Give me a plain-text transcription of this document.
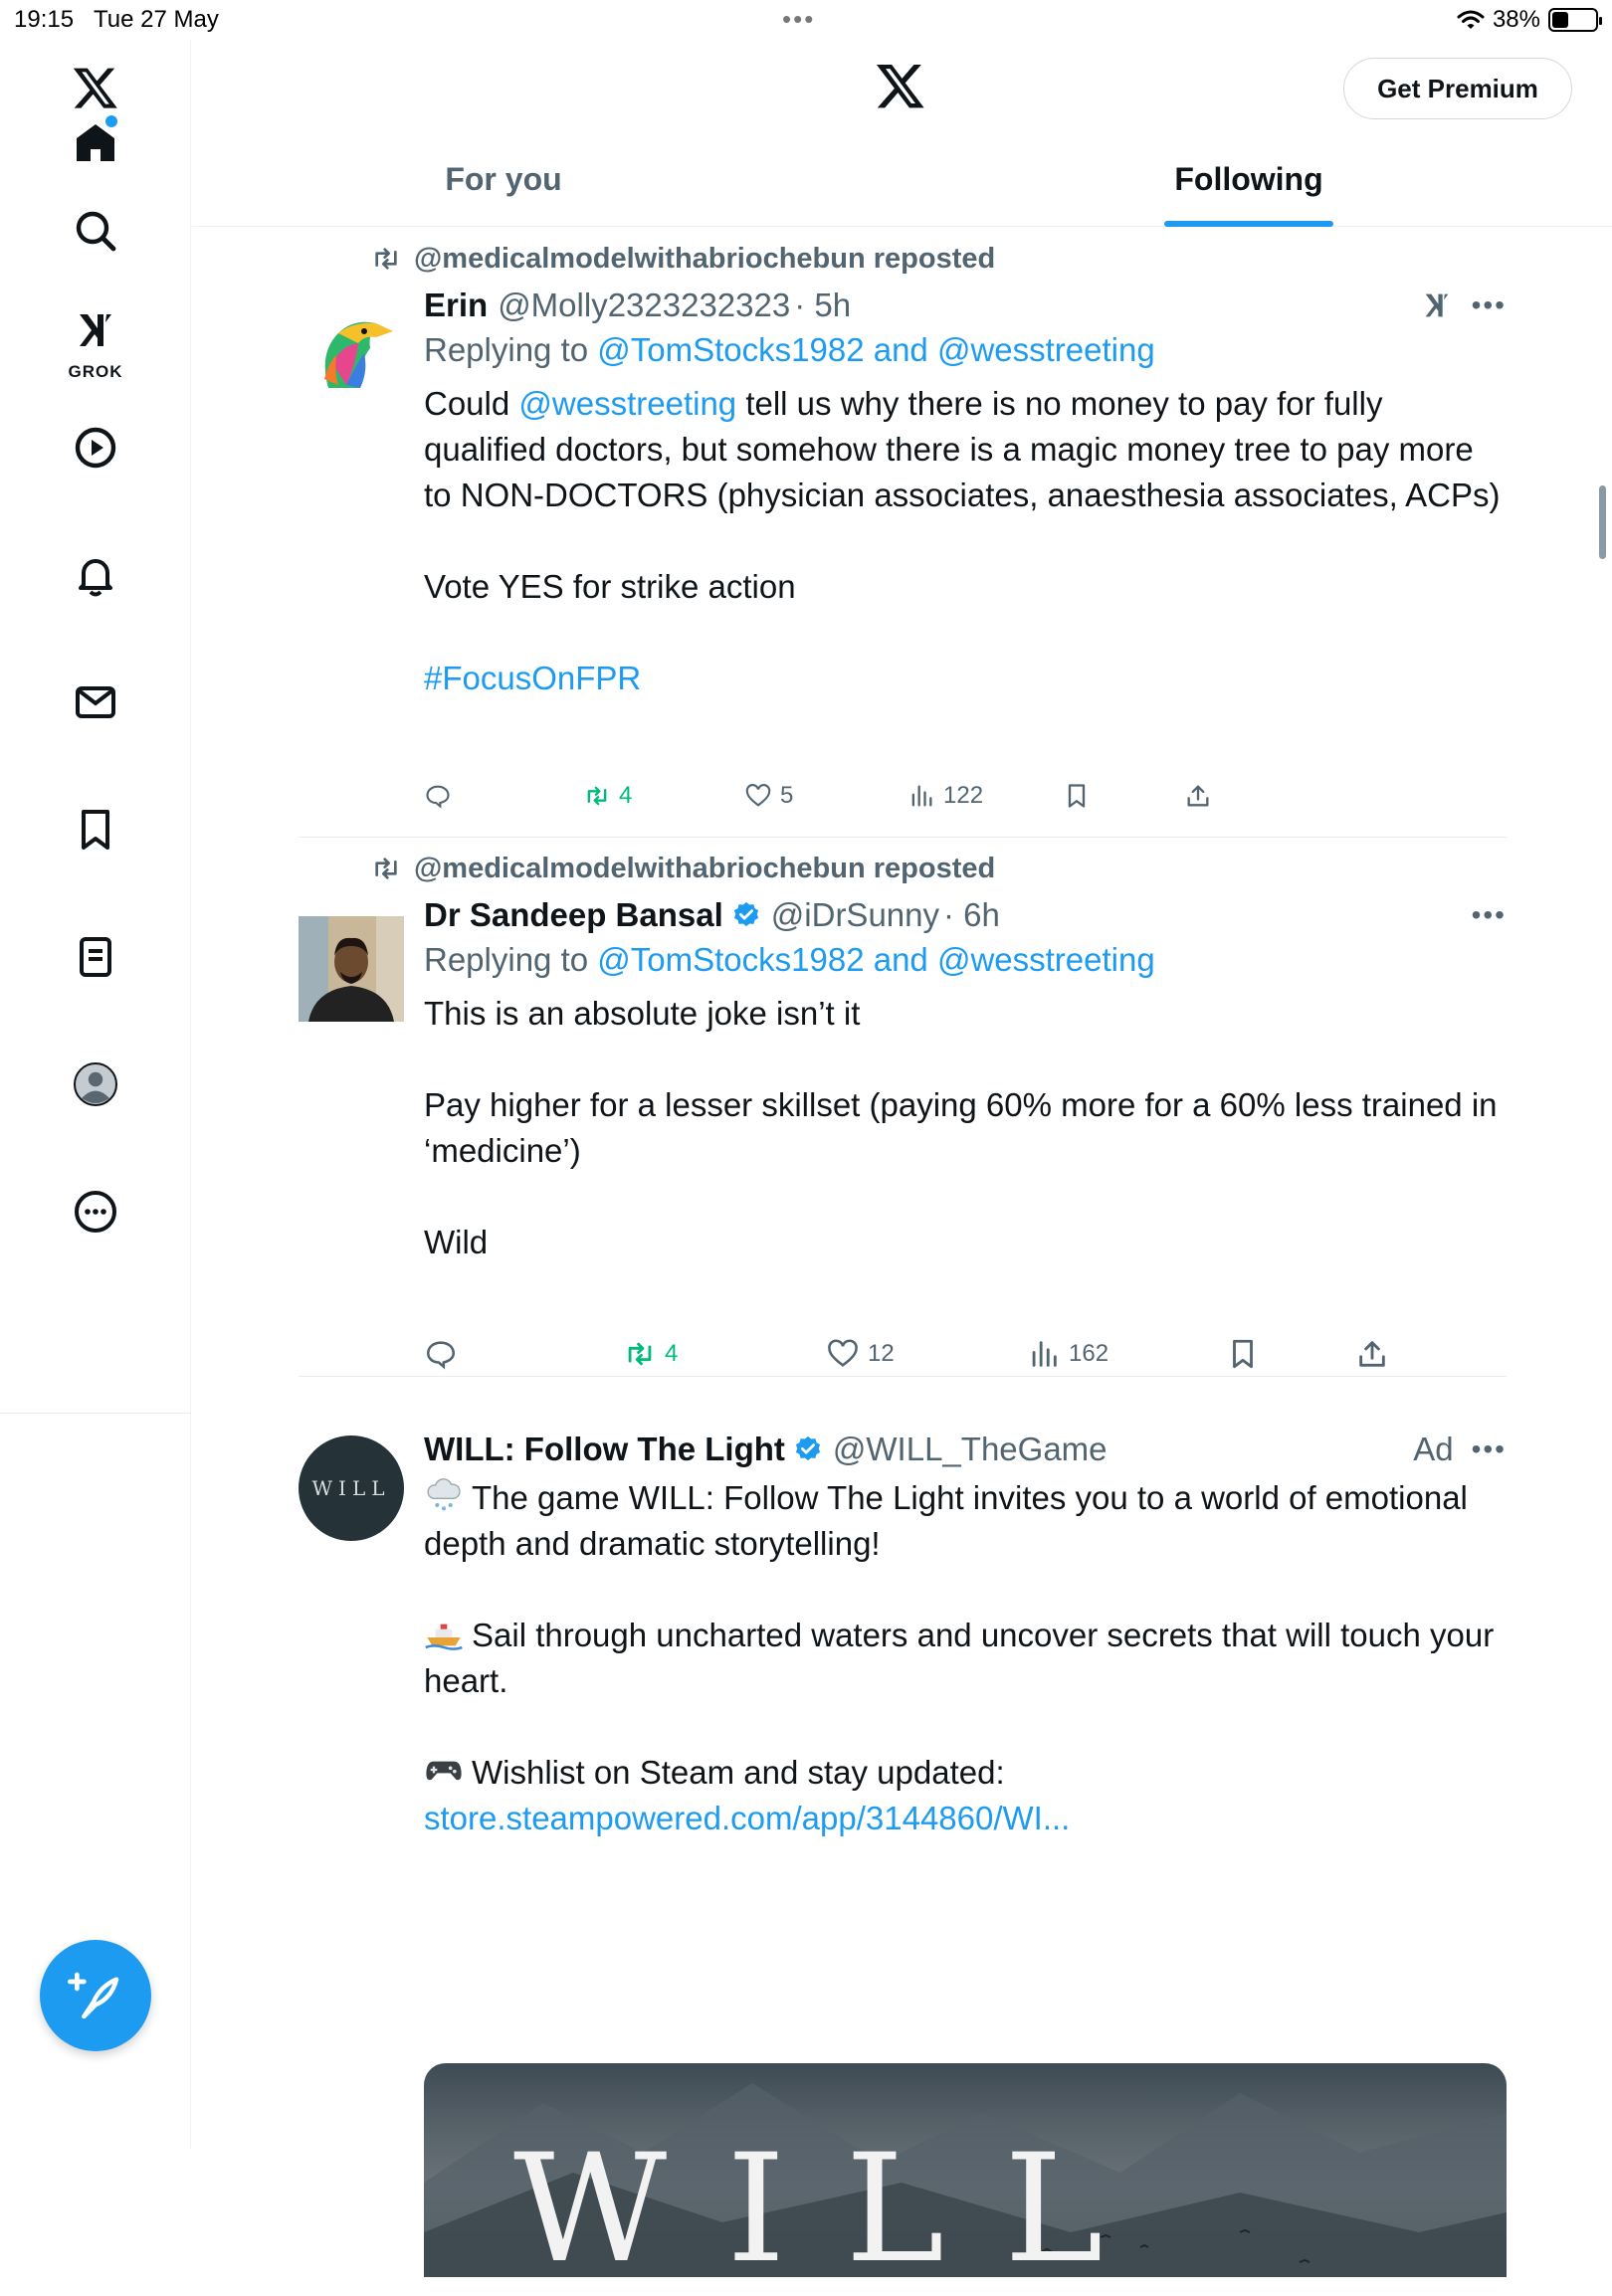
19:15 Tue 27 May	•••	38%
GROK
Get Premium
For you	Following
@medicalmodelwithabriochebun reposted
Erin @Molly2323232323 · 5h	•••
Replying to @TomStocks1982 and @wesstreeting
Could @wesstreeting tell us why there is no money to pay for fully qualified doctors, but somehow there is a magic money tree to pay more to NON-DOCTORS (physician associates, anaesthesia associates, ACPs)

Vote YES for strike action

#FocusOnFPR
4	5	122
@medicalmodelwithabriochebun reposted
Dr Sandeep Bansal @iDrSunny · 6h	•••
Replying to @TomStocks1982 and @wesstreeting
This is an absolute joke isn’t it

Pay higher for a lesser skillset (paying 60% more for a 60% less trained in ‘medicine’)

Wild
4	12	162
WILL
WILL: Follow The Light @WILL_TheGame	Ad •••
The game WILL: Follow The Light invites you to a world of emotional depth and dramatic storytelling!

Sail through uncharted waters and uncover secrets that will touch your heart.

Wishlist on Steam and stay updated:
store.steampowered.com/app/3144860/WI...
WILL
